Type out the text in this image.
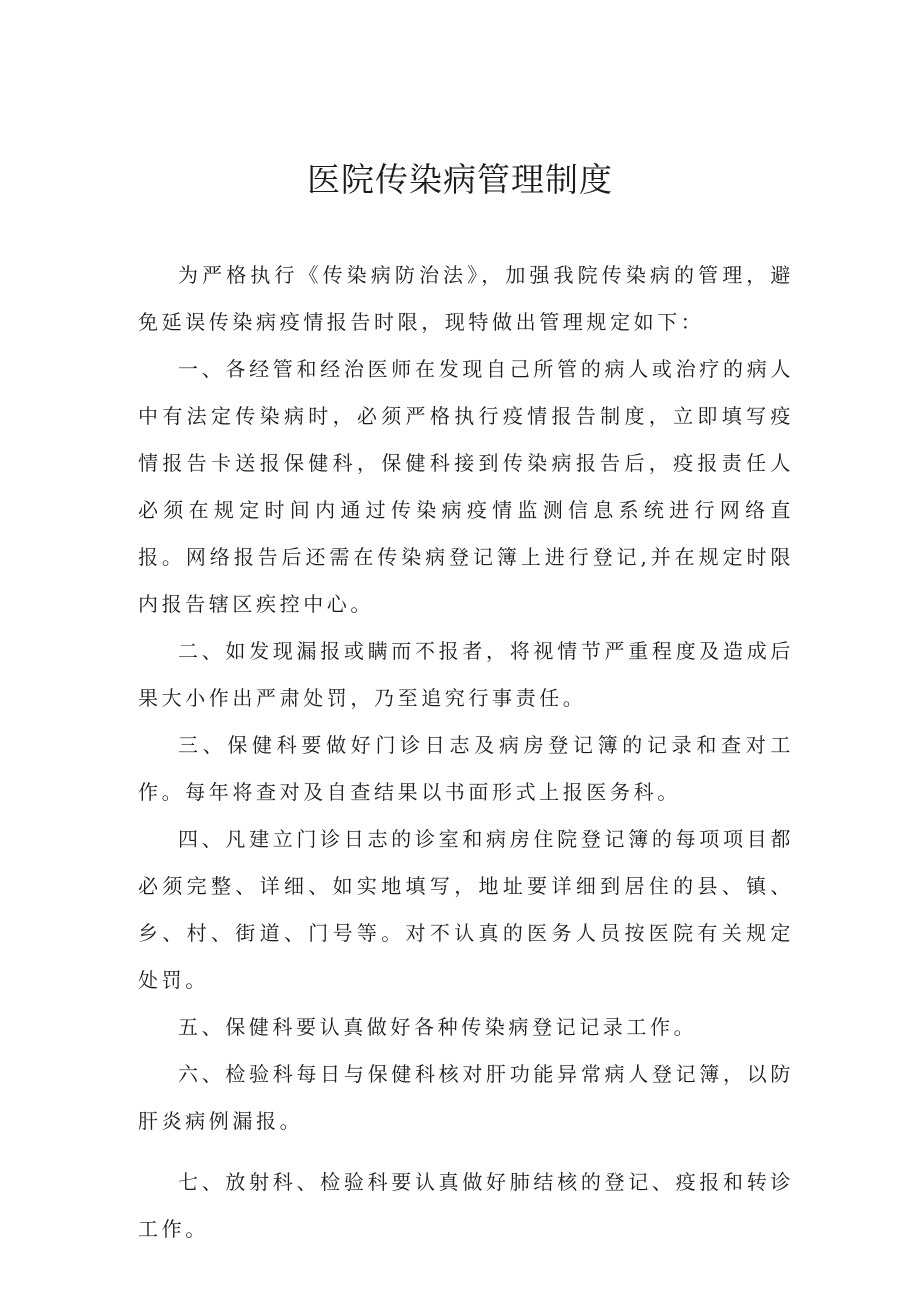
医院传染病管理制度

为严格执行《传染病防治法》，加强我院传染病的管理，避免延误传染病疫情报告时限，现特做出管理规定如下：

一、各经管和经治医师在发现自己所管的病人或治疗的病人中有法定传染病时，必须严格执行疫情报告制度，立即填写疫情报告卡送报保健科，保健科接到传染病报告后，疫报责任人必须在规定时间内通过传染病疫情监测信息系统进行网络直报。网络报告后还需在传染病登记簿上进行登记,并在规定时限内报告辖区疾控中心。

二、如发现漏报或瞒而不报者，将视情节严重程度及造成后果大小作出严肃处罚，乃至追究行事责任。

三、保健科要做好门诊日志及病房登记簿的记录和查对工作。每年将查对及自查结果以书面形式上报医务科。

四、凡建立门诊日志的诊室和病房住院登记簿的每项项目都必须完整、详细、如实地填写，地址要详细到居住的县、镇、乡、村、街道、门号等。对不认真的医务人员按医院有关规定处罚。

五、保健科要认真做好各种传染病登记记录工作。

六、检验科每日与保健科核对肝功能异常病人登记簿，以防肝炎病例漏报。

七、放射科、检验科要认真做好肺结核的登记、疫报和转诊工作。
